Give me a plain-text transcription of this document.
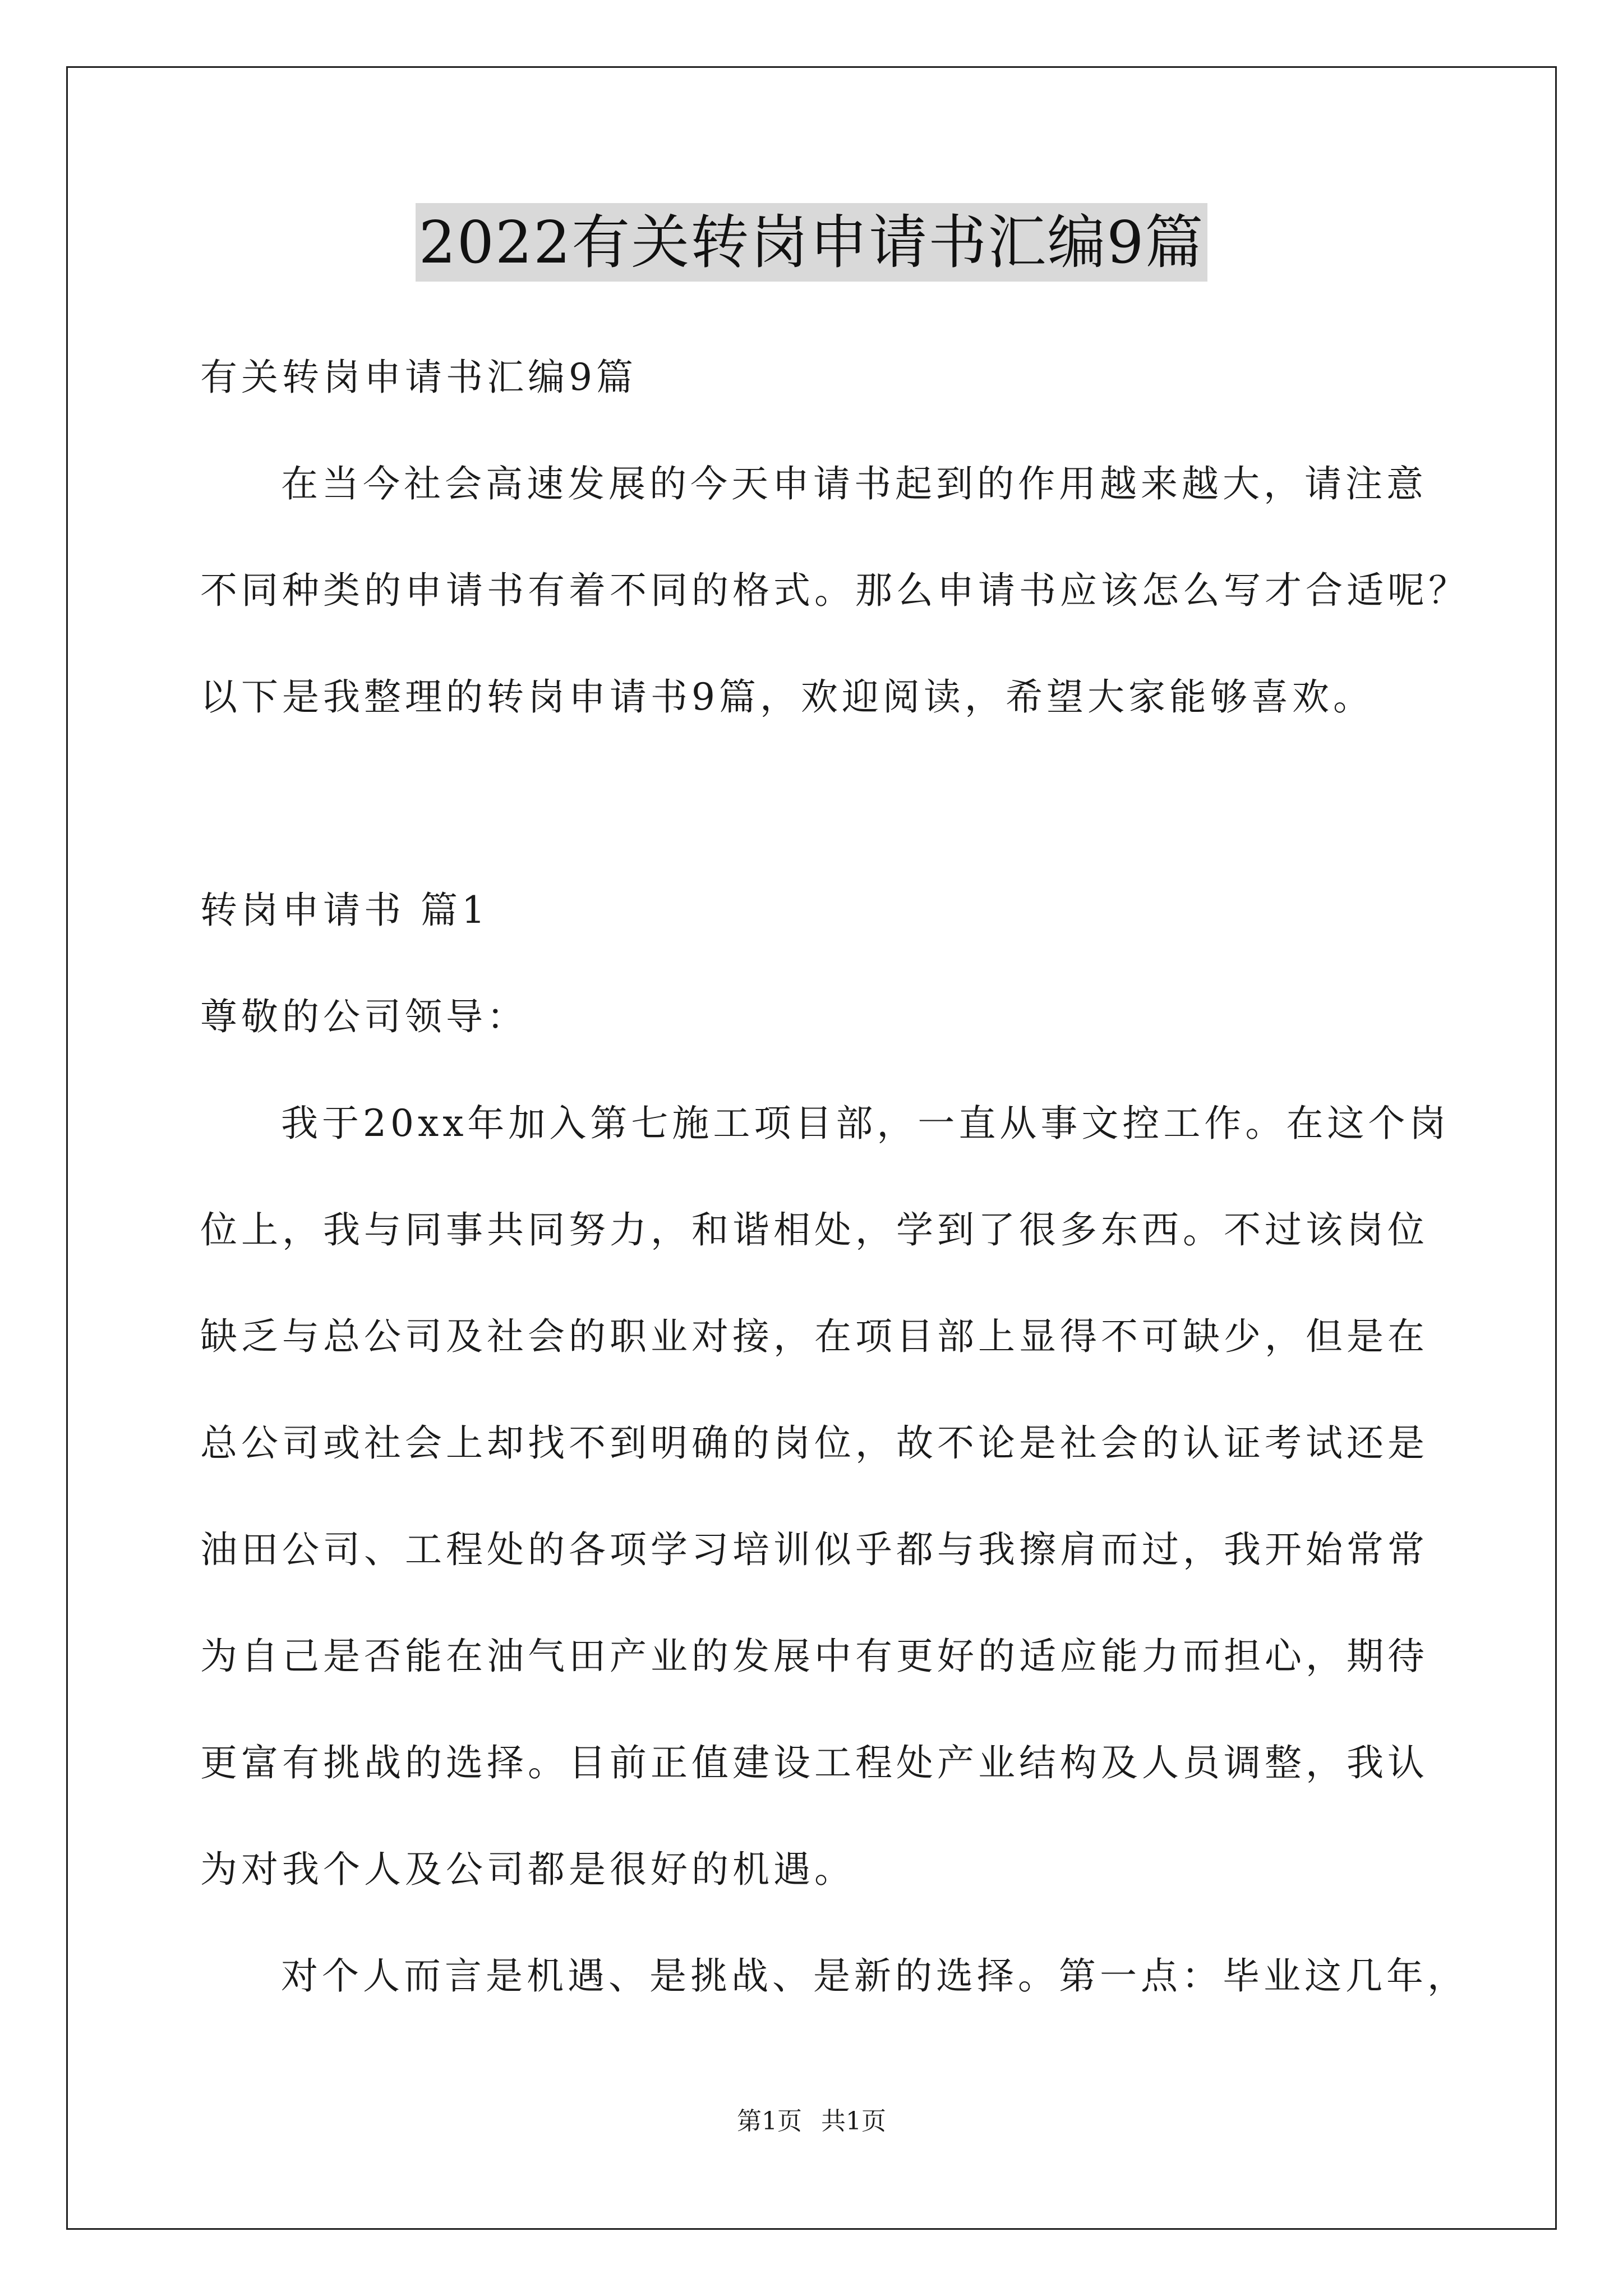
2022有关转岗申请书汇编9篇
有关转岗申请书汇编9篇
在当今社会高速发展的今天申请书起到的作用越来越大，请注意
不同种类的申请书有着不同的格式。那么申请书应该怎么写才合适呢？
以下是我整理的转岗申请书9篇，欢迎阅读，希望大家能够喜欢。
转岗申请书 篇1
尊敬的公司领导：
我于20xx年加入第七施工项目部，一直从事文控工作。在这个岗
位上，我与同事共同努力，和谐相处，学到了很多东西。不过该岗位
缺乏与总公司及社会的职业对接，在项目部上显得不可缺少，但是在
总公司或社会上却找不到明确的岗位，故不论是社会的认证考试还是
油田公司、工程处的各项学习培训似乎都与我擦肩而过，我开始常常
为自己是否能在油气田产业的发展中有更好的适应能力而担心，期待
更富有挑战的选择。目前正值建设工程处产业结构及人员调整，我认
为对我个人及公司都是很好的机遇。
对个人而言是机遇、是挑战、是新的选择。第一点：毕业这几年，
第1页 共1页
